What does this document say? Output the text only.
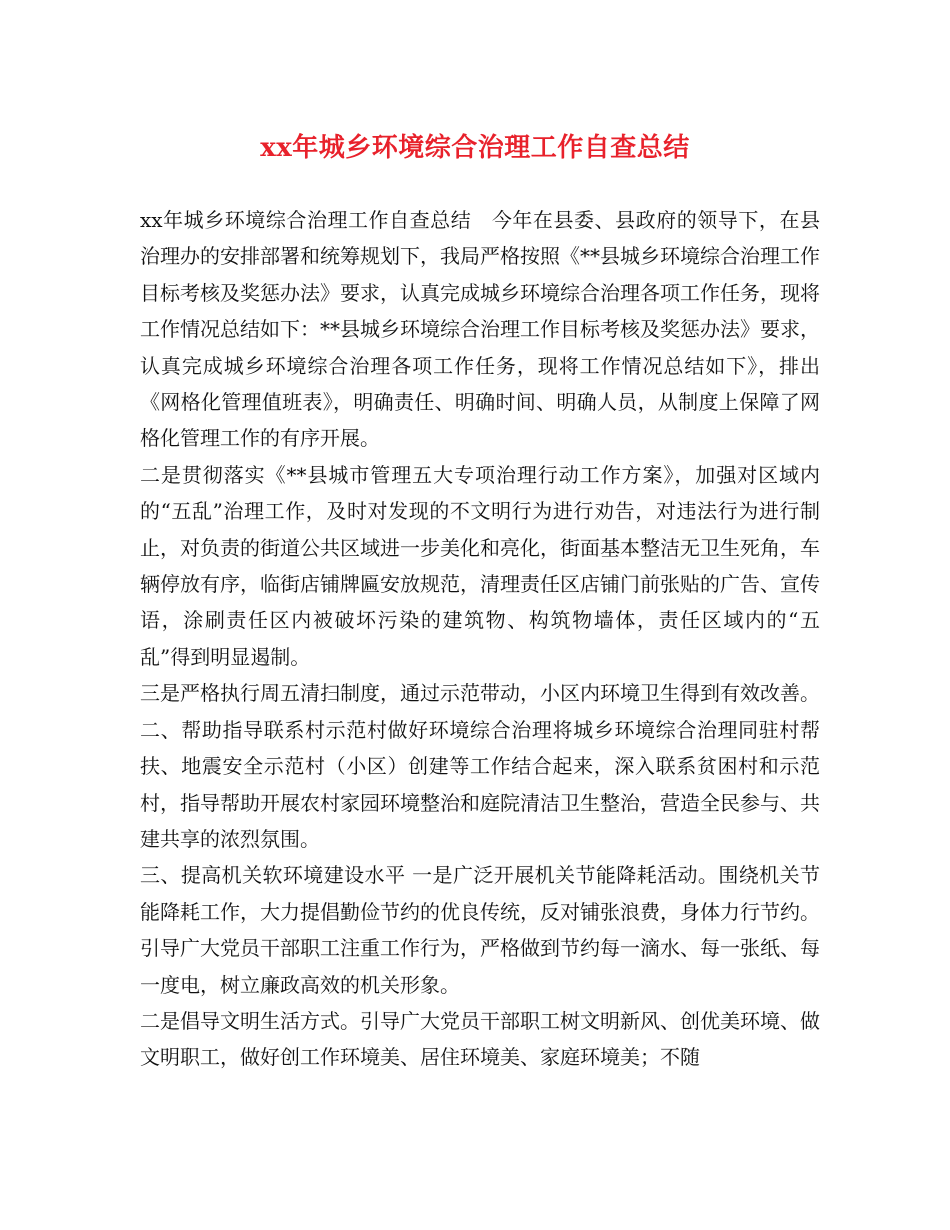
xx年城乡环境综合治理工作自查总结

xx年城乡环境综合治理工作自查总结　今年在县委、县政府的领导下，在县治理办的安排部署和统筹规划下，我局严格按照《**县城乡环境综合治理工作目标考核及奖惩办法》要求，认真完成城乡环境综合治理各项工作任务，现将工作情况总结如下：**县城乡环境综合治理工作目标考核及奖惩办法》要求，认真完成城乡环境综合治理各项工作任务，现将工作情况总结如下》，排出《网格化管理值班表》，明确责任、明确时间、明确人员，从制度上保障了网格化管理工作的有序开展。

二是贯彻落实《**县城市管理五大专项治理行动工作方案》，加强对区域内的“五乱”治理工作，及时对发现的不文明行为进行劝告，对违法行为进行制止，对负责的街道公共区域进一步美化和亮化，街面基本整洁无卫生死角，车辆停放有序，临街店铺牌匾安放规范，清理责任区店铺门前张贴的广告、宣传语，涂刷责任区内被破坏污染的建筑物、构筑物墙体，责任区域内的“五乱”得到明显遏制。

三是严格执行周五清扫制度，通过示范带动，小区内环境卫生得到有效改善。

二、帮助指导联系村示范村做好环境综合治理将城乡环境综合治理同驻村帮扶、地震安全示范村（小区）创建等工作结合起来，深入联系贫困村和示范村，指导帮助开展农村家园环境整治和庭院清洁卫生整治，营造全民参与、共建共享的浓烈氛围。

三、提高机关软环境建设水平 一是广泛开展机关节能降耗活动。围绕机关节能降耗工作，大力提倡勤俭节约的优良传统，反对铺张浪费，身体力行节约。引导广大党员干部职工注重工作行为，严格做到节约每一滴水、每一张纸、每一度电，树立廉政高效的机关形象。

二是倡导文明生活方式。引导广大党员干部职工树文明新风、创优美环境、做文明职工，做好创工作环境美、居住环境美、家庭环境美；不随
